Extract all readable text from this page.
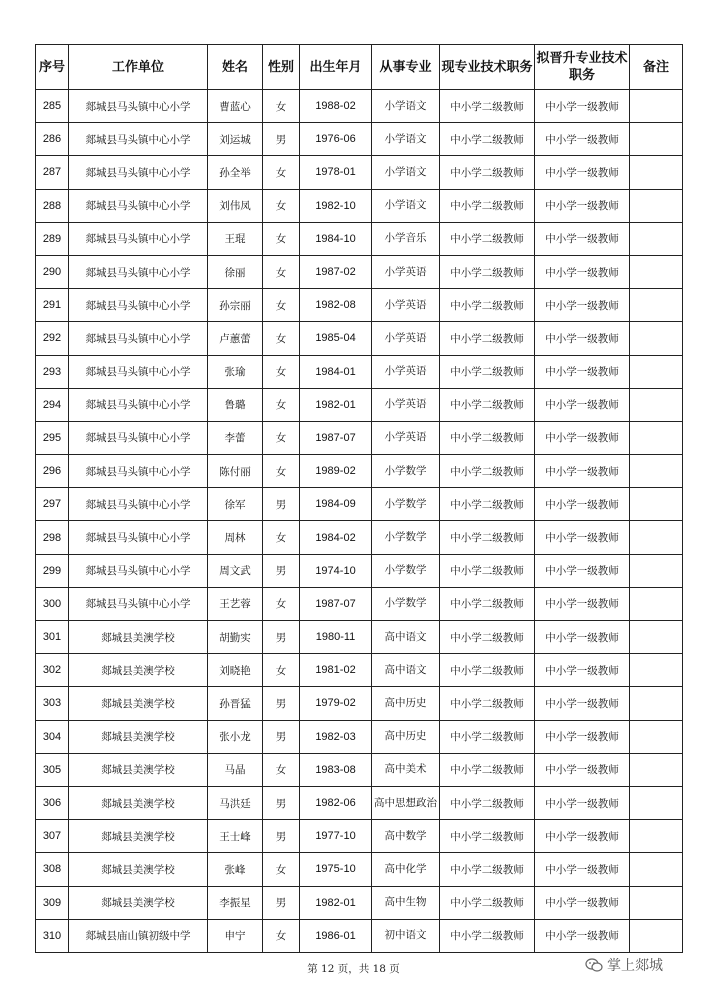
序号	工作单位	姓名	性别	出生年月	从事专业	现专业技术职务	拟晋升专业技术职务	备注
285	郯城县马头镇中心小学	曹蓝心	女	1988-02	小学语文	中小学二级教师	中小学一级教师	
286	郯城县马头镇中心小学	刘运城	男	1976-06	小学语文	中小学二级教师	中小学一级教师	
287	郯城县马头镇中心小学	孙全举	女	1978-01	小学语文	中小学二级教师	中小学一级教师	
288	郯城县马头镇中心小学	刘伟凤	女	1982-10	小学语文	中小学二级教师	中小学一级教师	
289	郯城县马头镇中心小学	王琨	女	1984-10	小学音乐	中小学二级教师	中小学一级教师	
290	郯城县马头镇中心小学	徐丽	女	1987-02	小学英语	中小学二级教师	中小学一级教师	
291	郯城县马头镇中心小学	孙宗丽	女	1982-08	小学英语	中小学二级教师	中小学一级教师	
292	郯城县马头镇中心小学	卢蕙蕾	女	1985-04	小学英语	中小学二级教师	中小学一级教师	
293	郯城县马头镇中心小学	张瑜	女	1984-01	小学英语	中小学二级教师	中小学一级教师	
294	郯城县马头镇中心小学	鲁璐	女	1982-01	小学英语	中小学二级教师	中小学一级教师	
295	郯城县马头镇中心小学	李蕾	女	1987-07	小学英语	中小学二级教师	中小学一级教师	
296	郯城县马头镇中心小学	陈付丽	女	1989-02	小学数学	中小学二级教师	中小学一级教师	
297	郯城县马头镇中心小学	徐军	男	1984-09	小学数学	中小学二级教师	中小学一级教师	
298	郯城县马头镇中心小学	周林	女	1984-02	小学数学	中小学二级教师	中小学一级教师	
299	郯城县马头镇中心小学	周文武	男	1974-10	小学数学	中小学二级教师	中小学一级教师	
300	郯城县马头镇中心小学	王艺蓉	女	1987-07	小学数学	中小学二级教师	中小学一级教师	
301	郯城县美澳学校	胡勤实	男	1980-11	高中语文	中小学二级教师	中小学一级教师	
302	郯城县美澳学校	刘晓艳	女	1981-02	高中语文	中小学二级教师	中小学一级教师	
303	郯城县美澳学校	孙晋猛	男	1979-02	高中历史	中小学二级教师	中小学一级教师	
304	郯城县美澳学校	张小龙	男	1982-03	高中历史	中小学二级教师	中小学一级教师	
305	郯城县美澳学校	马晶	女	1983-08	高中美术	中小学二级教师	中小学一级教师	
306	郯城县美澳学校	马洪廷	男	1982-06	高中思想政治	中小学二级教师	中小学一级教师	
307	郯城县美澳学校	王士峰	男	1977-10	高中数学	中小学二级教师	中小学一级教师	
308	郯城县美澳学校	张峰	女	1975-10	高中化学	中小学二级教师	中小学一级教师	
309	郯城县美澳学校	李振星	男	1982-01	高中生物	中小学二级教师	中小学一级教师	
310	郯城县庙山镇初级中学	申宁	女	1986-01	初中语文	中小学二级教师	中小学一级教师	
第 12 页，共 18 页	掌上郯城
